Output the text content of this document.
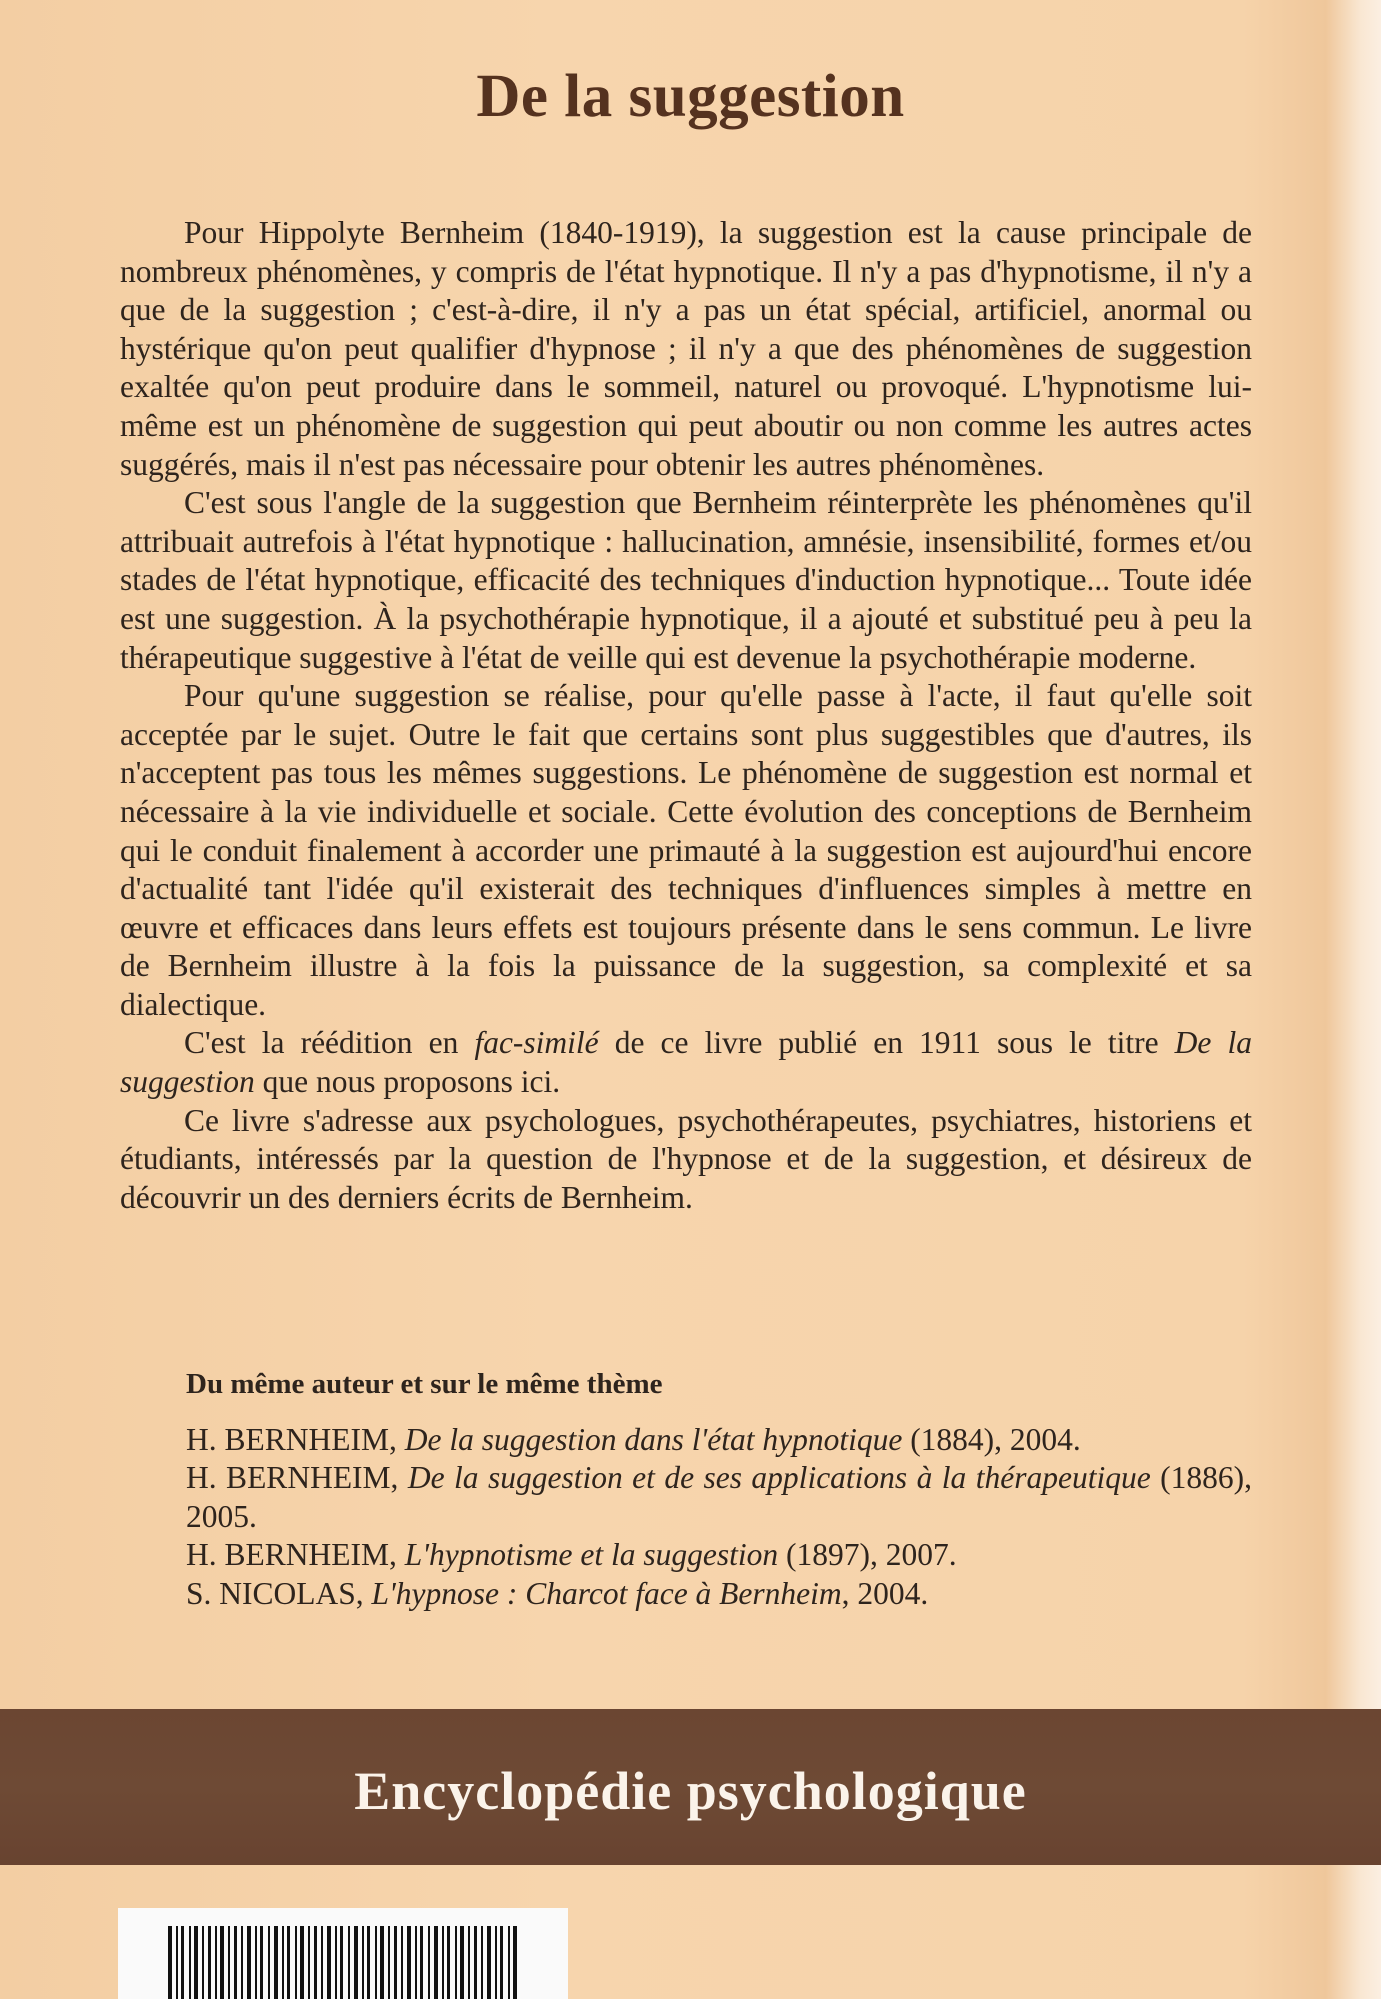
De la suggestion

Pour Hippolyte Bernheim (1840-1919), la suggestion est la cause principale de nombreux phénomènes, y compris de l'état hypnotique. Il n'y a pas d'hypnotisme, il n'y a que de la suggestion ; c'est-à-dire, il n'y a pas un état spécial, artificiel, anormal ou hystérique qu'on peut qualifier d'hypnose ; il n'y a que des phénomènes de suggestion exaltée qu'on peut produire dans le sommeil, naturel ou provoqué. L'hypnotisme lui-même est un phénomène de suggestion qui peut aboutir ou non comme les autres actes suggérés, mais il n'est pas nécessaire pour obtenir les autres phénomènes.

C'est sous l'angle de la suggestion que Bernheim réinterprète les phénomènes qu'il attribuait autrefois à l'état hypnotique : hallucination, amnésie, insensibilité, formes et/ou stades de l'état hypnotique, efficacité des techniques d'induction hypnotique... Toute idée est une suggestion. À la psychothérapie hypnotique, il a ajouté et substitué peu à peu la thérapeutique suggestive à l'état de veille qui est devenue la psychothérapie moderne.

Pour qu'une suggestion se réalise, pour qu'elle passe à l'acte, il faut qu'elle soit acceptée par le sujet. Outre le fait que certains sont plus suggestibles que d'autres, ils n'acceptent pas tous les mêmes suggestions. Le phénomène de suggestion est normal et nécessaire à la vie individuelle et sociale. Cette évolution des conceptions de Bernheim qui le conduit finalement à accorder une primauté à la suggestion est aujourd'hui encore d'actualité tant l'idée qu'il existerait des techniques d'influences simples à mettre en œuvre et efficaces dans leurs effets est toujours présente dans le sens commun. Le livre de Bernheim illustre à la fois la puissance de la suggestion, sa complexité et sa dialectique.

C'est la réédition en fac-similé de ce livre publié en 1911 sous le titre De la suggestion que nous proposons ici.

Ce livre s'adresse aux psychologues, psychothérapeutes, psychiatres, historiens et étudiants, intéressés par la question de l'hypnose et de la suggestion, et désireux de découvrir un des derniers écrits de Bernheim.

Du même auteur et sur le même thème

H. BERNHEIM, De la suggestion dans l'état hypnotique (1884), 2004.

H. BERNHEIM, De la suggestion et de ses applications à la thérapeutique (1886), 2005.

H. BERNHEIM, L'hypnotisme et la suggestion (1897), 2007.

S. NICOLAS, L'hypnose : Charcot face à Bernheim, 2004.

Encyclopédie psychologique
